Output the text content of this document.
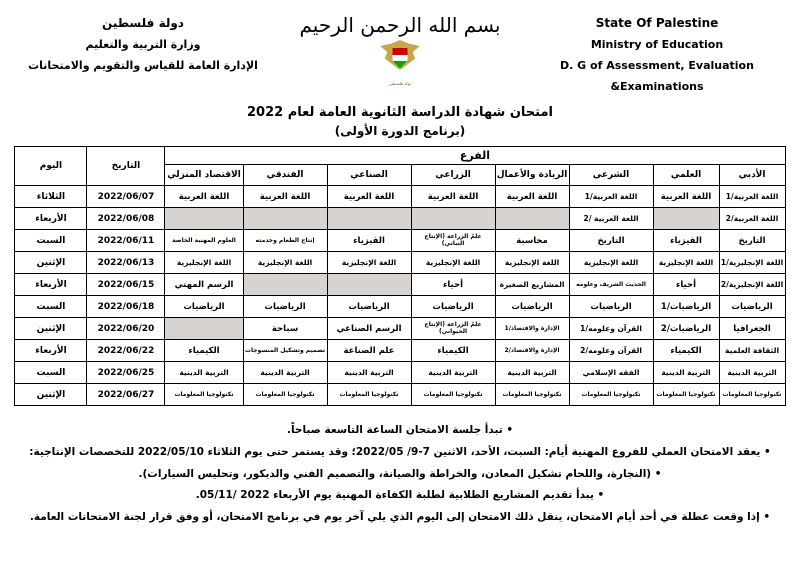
دولة فلسطين
وزارة التربية والتعليم
الإدارة العامة للقياس والتقويم والامتحانات
بسم الله الرحمن الرحيم
دولة فلسطين
State Of Palestine
Ministry of Education
D. G of Assessment, Evaluation &Examinations
امتحان شهادة الدراسة الثانوية العامة لعام 2022
(برنامج الدورة الأولى)
الفرع								التاريخ	اليوم
الأدبي	العلمي	الشرعي	الريادة والأعمال	الزراعي	الصناعي	الفندقي	الاقتصاد المنزلي		
اللغة العربية/1	اللغة العربية	اللغة العربية/1	اللغة العربية	اللغة العربية	اللغة العربية	اللغة العربية	اللغة العربية	2022/06/07	الثلاثاء
اللغة العربية/2		اللغة العربية /2						2022/06/08	الأربعاء
التاريخ	الفيزياء	التاريخ	محاسبة	علمُ الزراعة (الإنتاج النباتي)	الفيزياء	إنتاج الطعام وخدمته	العلوم المهنية الخاصة	2022/06/11	السبت
اللغة الإنجليزية/1	اللغة الإنجليزية	اللغة الإنجليزية	اللغة الإنجليزية	اللغة الإنجليزية	اللغة الإنجليزية	اللغة الإنجليزية	اللغة الإنجليزية	2022/06/13	الإثنين
اللغة الإنجليزية/2	أحياء	الحديث الشريف وعلومه	المشاريع الصغيرة	أحياء			الرسم المهني	2022/06/15	الأربعاء
الرياضيات	الرياضيات/1	الرياضيات	الرياضيات	الرياضيات	الرياضيات	الرياضيات	الرياضيات	2022/06/18	السبت
الجغرافيا	الرياضيات/2	القرآن وعلومه/1	الإدارة والاقتصاد/1	علمُ الزراعة (الإنتاج الحيواني)	الرسم الصناعي	سباحة		2022/06/20	الإثنين
الثقافة العلمية	الكيمياء	القرآن وعلومه/2	الإدارة والاقتصاد/2	الكيمياء	علم الصناعة	تصميم وتشكيل المنسوجات	الكيمياء	2022/06/22	الأربعاء
التربية الدينية	التربية الدينية	الفقه الإسلامي	التربية الدينية	التربية الدينية	التربية الدينية	التربية الدينية	التربية الدينية	2022/06/25	السبت
تكنولوجيا المعلومات	تكنولوجيا المعلومات	تكنولوجيا المعلومات	تكنولوجيا المعلومات	تكنولوجيا المعلومات	تكنولوجيا المعلومات	تكنولوجيا المعلومات	تكنولوجيا المعلومات	2022/06/27	الإثنين
• تبدأ جلسة الامتحان الساعة التاسعة صباحاً.
• يعقد الامتحان العملي للفروع المهنية أيام: السبت، الأحد، الاثنين 7-9/ 2022/05؛ وقد يستمر حتى يوم الثلاثاء 2022/05/10 للتخصصات الإنتاجية:
• (النجارة، واللحام تشكيل المعادن، والخراطة والصيانة، والتصميم الفني والديكور، وتحليس السيارات).
• يبدأ تقديم المشاريع الطلابية لطلبة الكفاءة المهنية يوم الأربعاء 2022 /05/11.
• إذا وقعت عطلة في أحد أيام الامتحان، ينقل ذلك الامتحان إلى اليوم الذي يلي آخر يوم في برنامج الامتحان، أو وفق قرار لجنة الامتحانات العامة.
